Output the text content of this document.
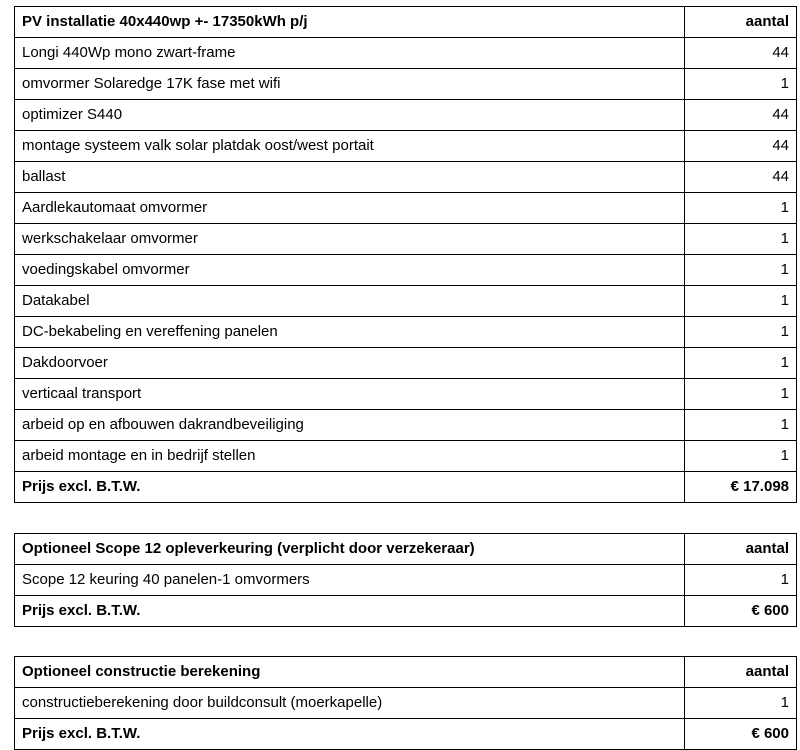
PV installatie 40x440wp +- 17350kWh p/j	aantal
Longi 440Wp mono zwart-frame	44
omvormer Solaredge 17K fase met wifi	1
optimizer S440	44
montage systeem valk solar platdak oost/west portait	44
ballast	44
Aardlekautomaat omvormer	1
werkschakelaar omvormer	1
voedingskabel omvormer	1
Datakabel	1
DC-bekabeling en vereffening panelen	1
Dakdoorvoer	1
verticaal transport	1
arbeid op en afbouwen dakrandbeveiliging	1
arbeid montage en in bedrijf stellen	1
Prijs excl. B.T.W.	€ 17.098
Optioneel Scope 12 opleverkeuring (verplicht door verzekeraar)	aantal
Scope 12 keuring 40 panelen-1 omvormers	1
Prijs excl. B.T.W.	€ 600
Optioneel constructie berekening	aantal
constructieberekening door buildconsult (moerkapelle)	1
Prijs excl. B.T.W.	€ 600
